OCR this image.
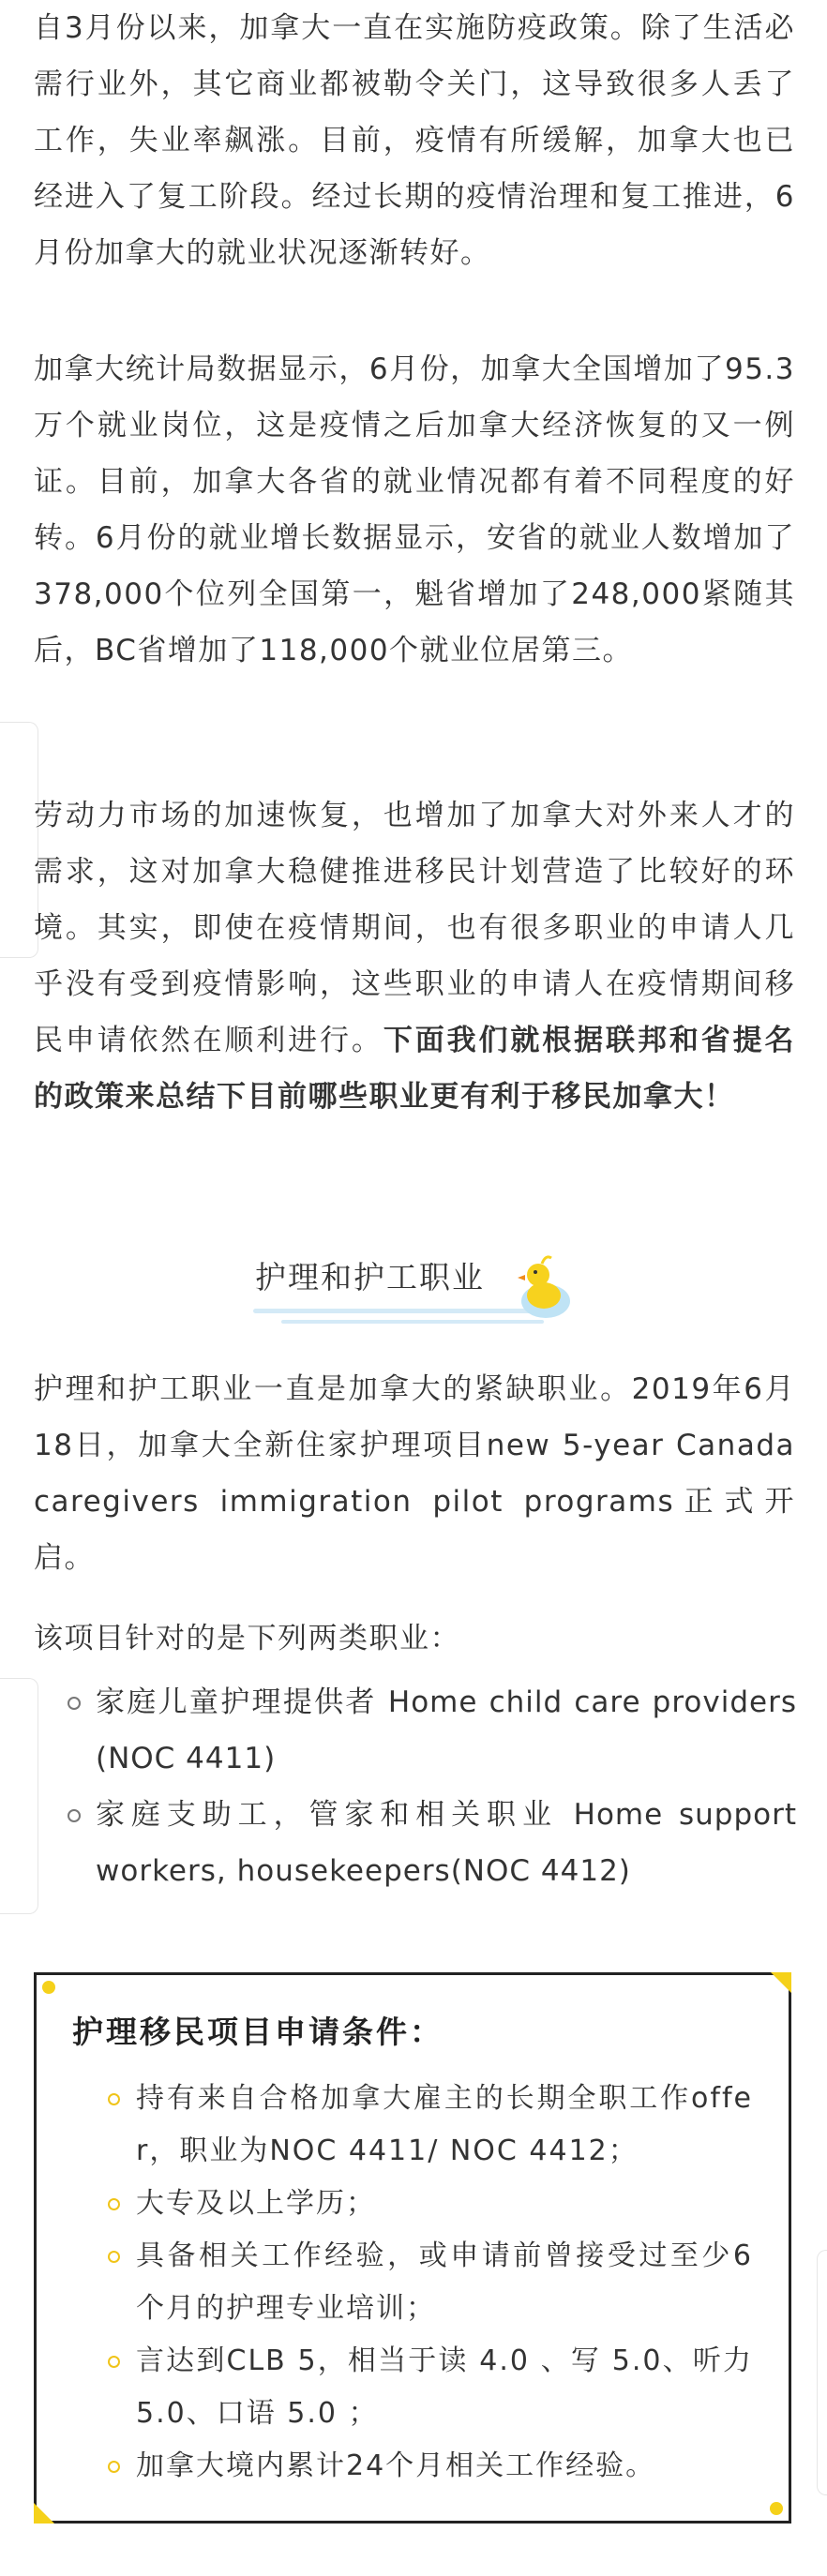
自3月份以来，加拿大一直在实施防疫政策。除了生活必需行业外，其它商业都被勒令关门，这导致很多人丢了工作，失业率飙涨。目前，疫情有所缓解，加拿大也已经进入了复工阶段。经过长期的疫情治理和复工推进，6月份加拿大的就业状况逐渐转好。

加拿大统计局数据显示，6月份，加拿大全国增加了95.3万个就业岗位，这是疫情之后加拿大经济恢复的又一例证。目前，加拿大各省的就业情况都有着不同程度的好转。6月份的就业增长数据显示，安省的就业人数增加了378,000个位列全国第一，魁省增加了248,000紧随其后，BC省增加了118,000个就业位居第三。

劳动力市场的加速恢复，也增加了加拿大对外来人才的需求，这对加拿大稳健推进移民计划营造了比较好的环境。其实，即使在疫情期间，也有很多职业的申请人几乎没有受到疫情影响，这些职业的申请人在疫情期间移民申请依然在顺利进行。下面我们就根据联邦和省提名的政策来总结下目前哪些职业更有利于移民加拿大！

护理和护工职业

护理和护工职业一直是加拿大的紧缺职业。2019年6月18日，加拿大全新住家护理项目new 5-year Canada caregivers immigration pilot programs正式开启。

该项目针对的是下列两类职业：

家庭儿童护理提供者 Home child care providers (NOC 4411)
家庭支助工，管家和相关职业 Home support workers, housekeepers(NOC 4412)
护理移民项目申请条件：
持有来自合格加拿大雇主的长期全职工作offer，职业为NOC 4411/ NOC 4412；
大专及以上学历；
具备相关工作经验，或申请前曾接受过至少6个月的护理专业培训；
言达到CLB 5，相当于读 4.0 、写 5.0、听力 5.0、口语 5.0 ；
加拿大境内累计24个月相关工作经验。
